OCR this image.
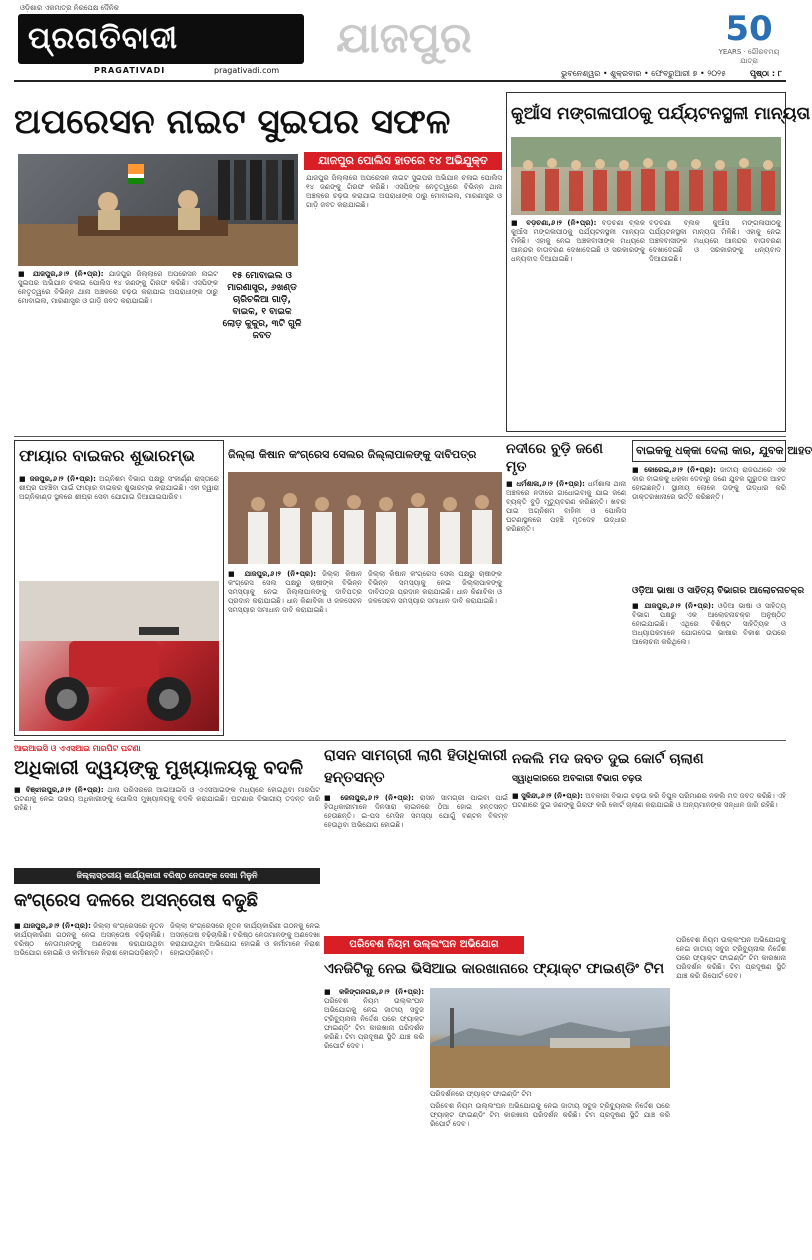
ଓଡ଼ିଶାର ଏକମାତ୍ର ନିରପେକ୍ଷ ଦୈନିକ
ପ୍ରଗତିବାଦୀ
PRAGATIVADI	pragativadi.com
ଯାଜପୁର	50
YEARS · ଗୌରବମୟ ଯାତ୍ରା
ଭୁବନେଶ୍ୱର • ଶୁକ୍ରବାର • ଫେବ୍ରୁଆରୀ ୭ • ୨୦୨୫	ପୃଷ୍ଠା : ୮
ଅପରେସନ ନାଇଟ ସୁଇପର ସଫଳ
ଯାଜପୁର ପୋଲିସ ହାତରେ ୧୪ ଅଭିଯୁକ୍ତ
୧୫ ମୋବାଇଲ ଓ ମାରଣାସ୍ତ୍ର, ୬ଖଣ୍ଡ ଚାରିଚକିଆ ଗାଡ଼ି, ବାଇକ, ୧ ବାଇକ ଲୋଡ଼ କୁକୁର, ୩ଟି ଗୁଳି ଜବତ
■ ଯାଜପୁର,୬।୨ (ନି•ପ୍ର): ଯାଜପୁର ଜିଲ୍ଲାରେ ଅପରେସନ ନାଇଟ ସୁଇପର ଅଭିଯାନ ଚଳାଇ ପୋଲିସ ୧୪ ଜଣଙ୍କୁ ଗିରଫ କରିଛି। ଏସପିଙ୍କ ନେତୃତ୍ୱରେ ବିଭିନ୍ନ ଥାନା ଅଞ୍ଚଳରେ ଚଢ଼ଉ କରାଯାଇ ଅପରାଧୀଙ୍କ ଠାରୁ ମୋବାଇଲ, ମାରଣାସ୍ତ୍ର ଓ ଗାଡ଼ି ଜବତ କରାଯାଇଛି।
ଯାଜପୁର ଜିଲ୍ଲାରେ ଅପରେସନ ନାଇଟ ସୁଇପର ଅଭିଯାନ ଚଳାଇ ପୋଲିସ ୧୪ ଜଣଙ୍କୁ ଗିରଫ କରିଛି। ଏସପିଙ୍କ ନେତୃତ୍ୱରେ ବିଭିନ୍ନ ଥାନା ଅଞ୍ଚଳରେ ଚଢ଼ଉ କରାଯାଇ ଅପରାଧୀଙ୍କ ଠାରୁ ମୋବାଇଲ, ମାରଣାସ୍ତ୍ର ଓ ଗାଡ଼ି ଜବତ କରାଯାଇଛି।
କୁଆଁସ ମଙ୍ଗଳାପୀଠକୁ ପର୍ଯ୍ୟଟନସ୍ଥଳୀ ମାନ୍ୟତା
■ ବଡ଼ଚଣା,୬।୨ (ନି•ପ୍ର): ବଡ଼ଚଣା ବ୍ଲକ କୁଆଁସ ମଙ୍ଗଳାପୀଠକୁ ପର୍ଯ୍ୟଟନସ୍ଥଳୀ ମାନ୍ୟତା ମିଳିଛି। ଏହାକୁ ନେଇ ଅଞ୍ଚଳବାସୀଙ୍କ ମଧ୍ୟରେ ଆନନ୍ଦର ବାତାବରଣ ଦେଖାଦେଇଛି ଓ ସରକାରଙ୍କୁ ଧନ୍ୟବାଦ ଦିଆଯାଇଛି।
ବଡ଼ଚଣା ବ୍ଲକ କୁଆଁସ ମଙ୍ଗଳାପୀଠକୁ ପର୍ଯ୍ୟଟନସ୍ଥଳୀ ମାନ୍ୟତା ମିଳିଛି। ଏହାକୁ ନେଇ ଅଞ୍ଚଳବାସୀଙ୍କ ମଧ୍ୟରେ ଆନନ୍ଦର ବାତାବରଣ ଦେଖାଦେଇଛି ଓ ସରକାରଙ୍କୁ ଧନ୍ୟବାଦ ଦିଆଯାଇଛି।
ନଦୀରେ ବୁଡ଼ି ଜଣେ ମୃତ
■ ଧର୍ମଶାଳା,୬।୨ (ନି•ପ୍ର): ଧର୍ମଶାଳା ଥାନା ଅଞ୍ଚଳରେ ନଦୀରେ ଗାଧୋଇବାକୁ ଯାଇ ଜଣେ ବ୍ୟକ୍ତି ବୁଡ଼ି ମୃତ୍ୟୁବରଣ କରିଛନ୍ତି। ଖବର ପାଇ ଅଗ୍ନିଶମ ବାହିନୀ ଓ ପୋଲିସ ଘଟଣାସ୍ଥଳରେ ପହଞ୍ଚି ମୃତଦେହ ଉଦ୍ଧାର କରିଛନ୍ତି।
ବାଇକକୁ ଧକ୍କା ଦେଲା କାର, ଯୁବକ ଆହତ
■ କୋରେଇ,୬।୨ (ନି•ପ୍ର): ଜାତୀୟ ରାଜପଥରେ ଏକ କାର ବାଇକକୁ ଧକ୍କା ଦେବାରୁ ଜଣେ ଯୁବକ ଗୁରୁତର ଆହତ ହୋଇଛନ୍ତି। ସ୍ଥାନୀୟ ଲୋକେ ତାଙ୍କୁ ଉଦ୍ଧାର କରି ଡାକ୍ତରଖାନାରେ ଭର୍ତ୍ତି କରିଛନ୍ତି।
ଓଡ଼ିଆ ଭାଷା ଓ ସାହିତ୍ୟ ବିଭାଗର ଆଲୋଚନାଚକ୍ର
■ ଯାଜପୁର,୬।୨ (ନି•ପ୍ର): ଓଡ଼ିଆ ଭାଷା ଓ ସାହିତ୍ୟ ବିଭାଗ ପକ୍ଷରୁ ଏକ ଆଲୋଚନାଚକ୍ର ଅନୁଷ୍ଠିତ ହୋଇଯାଇଛି। ଏଥିରେ ବିଶିଷ୍ଟ ସାହିତ୍ୟିକ ଓ ଅଧ୍ୟାପକମାନେ ଯୋଗଦେଇ ଭାଷାର ବିକାଶ ଉପରେ ଆଲୋଚନା କରିଥିଲେ।
ଫାୟାର ବାଇକର ଶୁଭାରମ୍ଭ
■ ଜଜପୁର,୬।୨ (ନି•ପ୍ର): ଅଗ୍ନିଶମ ବିଭାଗ ପକ୍ଷରୁ ସଂକୀର୍ଣ୍ଣ ରାସ୍ତାରେ ଶୀଘ୍ର ପହଞ୍ଚିବା ପାଇଁ ଫାୟାର ବାଇକର ଶୁଭାରମ୍ଭ କରାଯାଇଛି। ଏହା ଦ୍ୱାରା ଅଗ୍ନିକାଣ୍ଡ ସ୍ଥଳରେ ଶୀଘ୍ର ସେବା ଯୋଗାଇ ଦିଆଯାଇପାରିବ।
ଜିଲ୍ଲା କିଷାନ କଂଗ୍ରେସ ସେଲର ଜିଲ୍ଲାପାଳଙ୍କୁ ଦାବିପତ୍ର
■ ଯାଜପୁର,୬।୨ (ନି•ପ୍ର): ଜିଲ୍ଲା କିଷାନ କଂଗ୍ରେସ ସେଲ ପକ୍ଷରୁ ଚାଷୀଙ୍କ ବିଭିନ୍ନ ସମସ୍ୟାକୁ ନେଇ ଜିଲ୍ଲାପାଳଙ୍କୁ ଦାବିପତ୍ର ପ୍ରଦାନ କରାଯାଇଛି। ଧାନ କିଣାବିକା ଓ ଜଳସେଚନ ସମସ୍ୟାର ସମାଧାନ ଦାବି କରାଯାଇଛି।
ଜିଲ୍ଲା କିଷାନ କଂଗ୍ରେସ ସେଲ ପକ୍ଷରୁ ଚାଷୀଙ୍କ ବିଭିନ୍ନ ସମସ୍ୟାକୁ ନେଇ ଜିଲ୍ଲାପାଳଙ୍କୁ ଦାବିପତ୍ର ପ୍ରଦାନ କରାଯାଇଛି। ଧାନ କିଣାବିକା ଓ ଜଳସେଚନ ସମସ୍ୟାର ସମାଧାନ ଦାବି କରାଯାଇଛି।
ଆଇଆଇସି ଓ ଏଏସଆଇ ମାରପିଟ ଘଟଣା
ଅଧିକାରୀ ଦ୍ୱୟଙ୍କୁ ମୁଖ୍ୟାଳୟକୁ ବଦଳି
■ ବିଞ୍ଝାରପୁର,୬।୨ (ନି•ପ୍ର): ଥାନା ପରିସରରେ ଆଇଆଇସି ଓ ଏଏସଆଇଙ୍କ ମଧ୍ୟରେ ହୋଇଥିବା ମାରପିଟ ଘଟଣାକୁ ନେଇ ଉଭୟ ଅଧିକାରୀଙ୍କୁ ପୋଲିସ ମୁଖ୍ୟାଳୟକୁ ବଦଳି କରାଯାଇଛି। ଘଟଣାର ବିଭାଗୀୟ ତଦନ୍ତ ଜାରି ରହିଛି।
ରାସନ ସାମଗ୍ରୀ ଲାଗି ହିତାଧିକାରୀ ହନ୍ତସନ୍ତ
■ ଜେନାପୁର,୬।୨ (ନି•ପ୍ର): ରାସନ ସାମଗ୍ରୀ ପାଇବା ପାଇଁ ହିତାଧିକାରୀମାନେ ଦିନସାରା ଲାଇନରେ ଠିଆ ହୋଇ ହନ୍ତସନ୍ତ ହେଉଛନ୍ତି। ଇ-ପସ ମେସିନ ସମସ୍ୟା ଯୋଗୁଁ ବଣ୍ଟନ ବିଳମ୍ବ ହେଉଥିବା ଅଭିଯୋଗ ହୋଇଛି।
ନକଲି ମଦ ଜବତ ଦୁଇ କୋର୍ଟ ଚାଲାଣ
ସ୍ୱାଧିକାରରେ ଅବକାରୀ ବିଭାଗ ଚଢ଼ଉ
■ ସୁକିନ୍ଦା,୬।୨ (ନି•ପ୍ର): ଅବକାରୀ ବିଭାଗ ଚଢ଼ଉ କରି ବିପୁଳ ପରିମାଣର ନକଲି ମଦ ଜବତ କରିଛି। ଏହି ଘଟଣାରେ ଦୁଇ ଜଣଙ୍କୁ ଗିରଫ କରି କୋର୍ଟ ଚାଲାଣ କରାଯାଇଛି ଓ ଅନ୍ୟମାନଙ୍କ ସନ୍ଧାନ ଜାରି ରହିଛି।
ଜିଲ୍ଲାସ୍ତରୀୟ କାର୍ଯ୍ୟକାରୀ ବରିଷ୍ଠ ନେତାଙ୍କ ଦେଖା ମିଳୁନି
କଂଗ୍ରେସ ଦଳରେ ଅସନ୍ତୋଷ ବଢୁଛି
■ ଯାଜପୁର,୬।୨ (ନି•ପ୍ର): ଜିଲ୍ଲା କଂଗ୍ରେସରେ ନୂତନ କାର୍ଯ୍ୟକାରିଣୀ ଗଠନକୁ ନେଇ ଅସନ୍ତୋଷ ବଢ଼ିଚାଲିଛି। ବରିଷ୍ଠ ନେତାମାନଙ୍କୁ ଅଣଦେଖା କରାଯାଉଥିବା ଅଭିଯୋଗ ହୋଇଛି ଓ କର୍ମୀମାନେ ନିରାଶ ହୋଇପଡ଼ିଛନ୍ତି।
ଜିଲ୍ଲା କଂଗ୍ରେସରେ ନୂତନ କାର୍ଯ୍ୟକାରିଣୀ ଗଠନକୁ ନେଇ ଅସନ୍ତୋଷ ବଢ଼ିଚାଲିଛି। ବରିଷ୍ଠ ନେତାମାନଙ୍କୁ ଅଣଦେଖା କରାଯାଉଥିବା ଅଭିଯୋଗ ହୋଇଛି ଓ କର୍ମୀମାନେ ନିରାଶ ହୋଇପଡ଼ିଛନ୍ତି।
ପରିବେଶ ନିୟମ ଉଲ୍ଲଂଘନ ଅଭିଯୋଗ
ଏନଜିଟିକୁ ନେଇ ଭିସିଆଇ କାରଖାନାରେ ଫ୍ୟାକ୍ଟ ଫାଇଣ୍ଡିଂ ଟିମ
■ କଳିଙ୍ଗନଗର,୬।୨ (ନି•ପ୍ର): ପରିବେଶ ନିୟମ ଉଲ୍ଲଂଘନ ଅଭିଯୋଗକୁ ନେଇ ଜାତୀୟ ସବୁଜ ଟ୍ରିବ୍ୟୁନାଲ ନିର୍ଦ୍ଦେଶ ପରେ ଫ୍ୟାକ୍ଟ ଫାଇଣ୍ଡିଂ ଟିମ କାରଖାନା ପରିଦର୍ଶନ କରିଛି। ଟିମ ପ୍ରଦୂଷଣ ସ୍ଥିତି ଯାଞ୍ଚ କରି ରିପୋର୍ଟ ଦେବ।
ପରିଦର୍ଶନରେ ଫ୍ୟାକ୍ଟ ଫାଇଣ୍ଡିଂ ଟିମ
ପରିବେଶ ନିୟମ ଉଲ୍ଲଂଘନ ଅଭିଯୋଗକୁ ନେଇ ଜାତୀୟ ସବୁଜ ଟ୍ରିବ୍ୟୁନାଲ ନିର୍ଦ୍ଦେଶ ପରେ ଫ୍ୟାକ୍ଟ ଫାଇଣ୍ଡିଂ ଟିମ କାରଖାନା ପରିଦର୍ଶନ କରିଛି। ଟିମ ପ୍ରଦୂଷଣ ସ୍ଥିତି ଯାଞ୍ଚ କରି ରିପୋର୍ଟ ଦେବ।
ପରିବେଶ ନିୟମ ଉଲ୍ଲଂଘନ ଅଭିଯୋଗକୁ ନେଇ ଜାତୀୟ ସବୁଜ ଟ୍ରିବ୍ୟୁନାଲ ନିର୍ଦ୍ଦେଶ ପରେ ଫ୍ୟାକ୍ଟ ଫାଇଣ୍ଡିଂ ଟିମ କାରଖାନା ପରିଦର୍ଶନ କରିଛି। ଟିମ ପ୍ରଦୂଷଣ ସ୍ଥିତି ଯାଞ୍ଚ କରି ରିପୋର୍ଟ ଦେବ।
